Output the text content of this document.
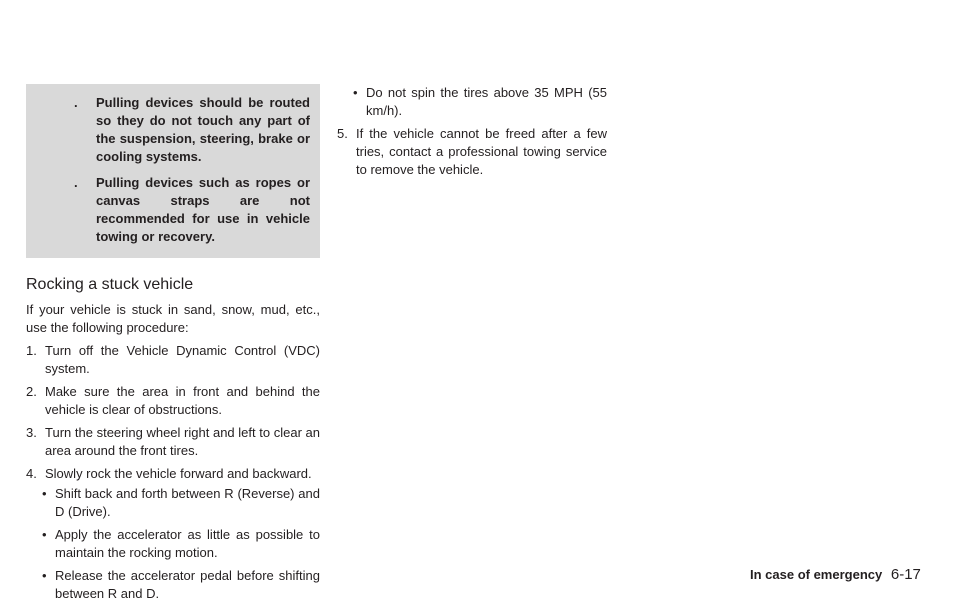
. Pulling devices should be routed so they do not touch any part of the suspension, steering, brake or cooling systems.
. Pulling devices such as ropes or canvas straps are not recommended for use in vehicle towing or recovery.
Rocking a stuck vehicle
If your vehicle is stuck in sand, snow, mud, etc., use the following procedure:
1. Turn off the Vehicle Dynamic Control (VDC) system.
2. Make sure the area in front and behind the vehicle is clear of obstructions.
3. Turn the steering wheel right and left to clear an area around the front tires.
4. Slowly rock the vehicle forward and backward.
• Shift back and forth between R (Reverse) and D (Drive).
• Apply the accelerator as little as possible to maintain the rocking motion.
• Release the accelerator pedal before shifting between R and D.
• Do not spin the tires above 35 MPH (55 km/h).
5. If the vehicle cannot be freed after a few tries, contact a professional towing service to remove the vehicle.
In case of emergency 6-17
